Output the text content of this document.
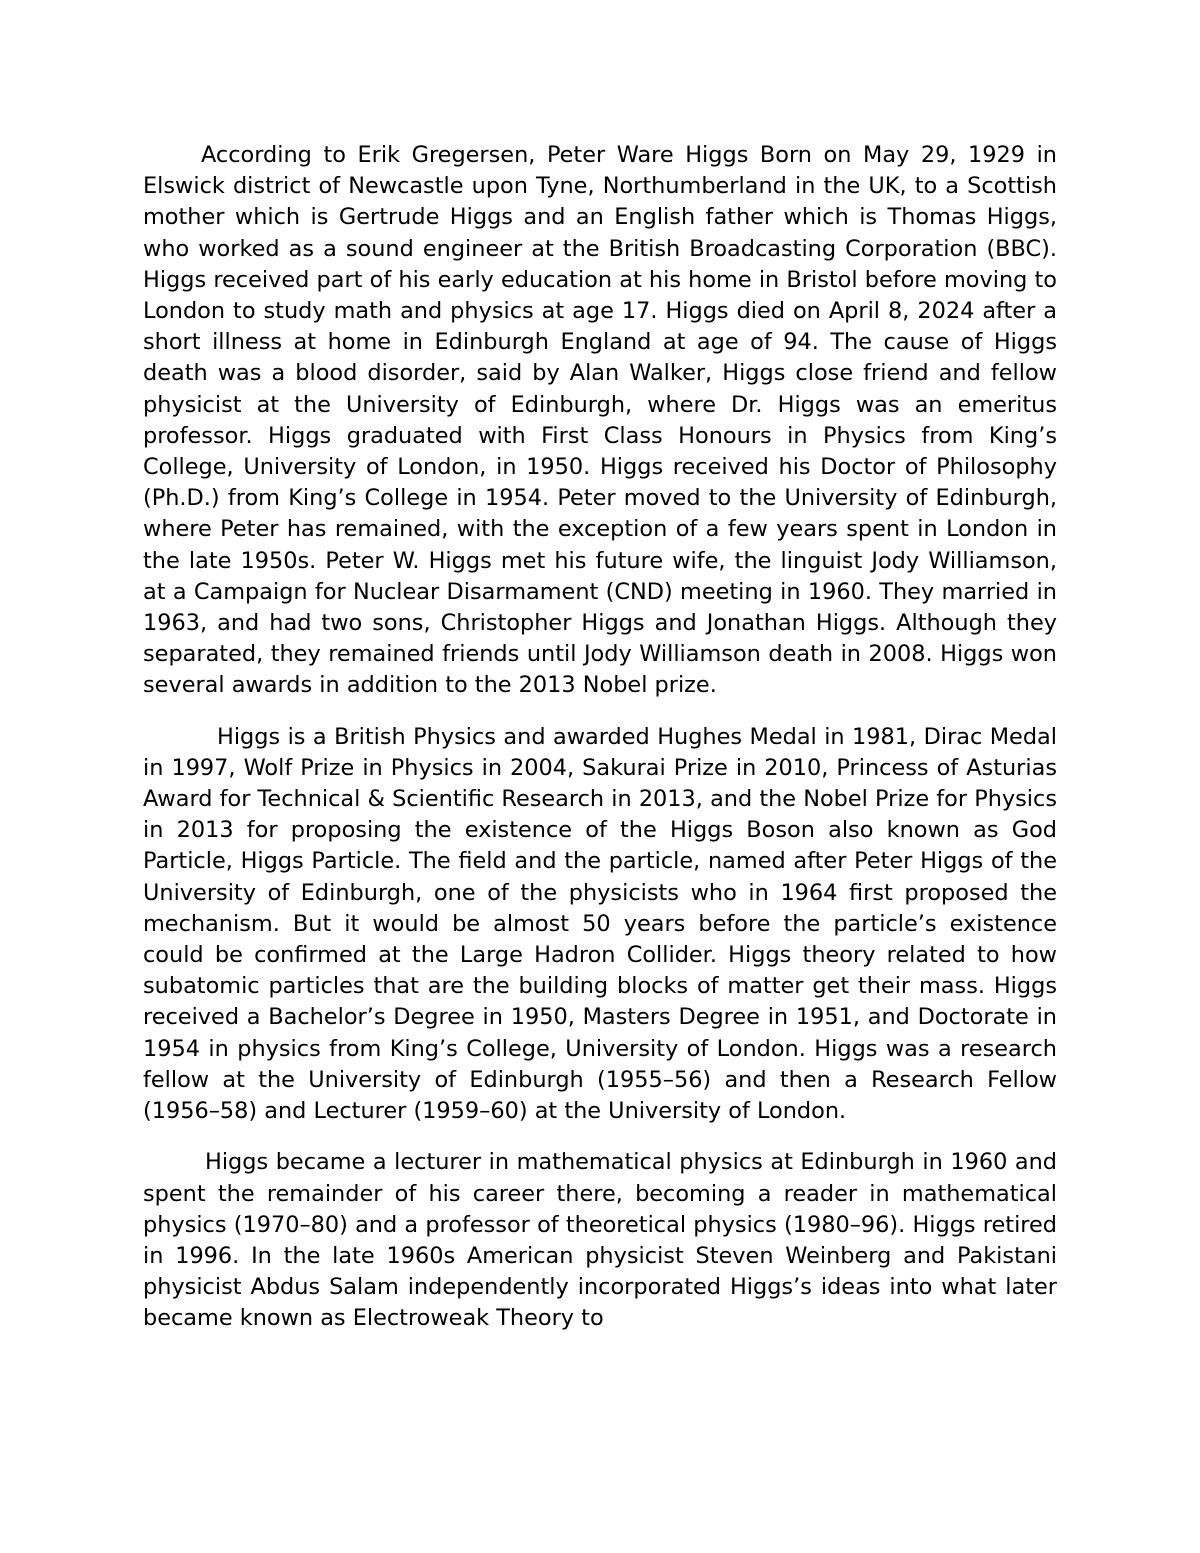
According to Erik Gregersen, Peter Ware Higgs Born on May 29, 1929 in Elswick district of Newcastle upon Tyne, Northumberland in the UK, to a Scottish mother which is Gertrude Higgs and an English father which is Thomas Higgs, who worked as a sound engineer at the British Broadcasting Corporation (BBC). Higgs received part of his early education at his home in Bristol before moving to London to study math and physics at age 17. Higgs died on April 8, 2024 after a short illness at home in Edinburgh England at age of 94. The cause of Higgs death was a blood disorder, said by Alan Walker, Higgs close friend and fellow physicist at the University of Edinburgh, where Dr. Higgs was an emeritus professor. Higgs graduated with First Class Honours in Physics from King’s College, University of London, in 1950. Higgs received his Doctor of Philosophy (Ph.D.) from King’s College in 1954. Peter moved to the University of Edinburgh, where Peter has remained, with the exception of a few years spent in London in the late 1950s. Peter W. Higgs met his future wife, the linguist Jody Williamson, at a Campaign for Nuclear Disarmament (CND) meeting in 1960. They married in 1963, and had two sons, Christopher Higgs and Jonathan Higgs. Although they separated, they remained friends until Jody Williamson death in 2008. Higgs won several awards in addition to the 2013 Nobel prize.

Higgs is a British Physics and awarded Hughes Medal in 1981, Dirac Medal in 1997, Wolf Prize in Physics in 2004, Sakurai Prize in 2010, Princess of Asturias Award for Technical & Scientific Research in 2013, and the Nobel Prize for Physics in 2013 for proposing the existence of the Higgs Boson also known as God Particle, Higgs Particle. The field and the particle, named after Peter Higgs of the University of Edinburgh, one of the physicists who in 1964 first proposed the mechanism. But it would be almost 50 years before the particle’s existence could be confirmed at the Large Hadron Collider. Higgs theory related to how subatomic particles that are the building blocks of matter get their mass. Higgs received a Bachelor’s Degree in 1950, Masters Degree in 1951, and Doctorate in 1954 in physics from King’s College, University of London. Higgs was a research fellow at the University of Edinburgh (1955–56) and then a Research Fellow (1956–58) and Lecturer (1959–60) at the University of London.

Higgs became a lecturer in mathematical physics at Edinburgh in 1960 and spent the remainder of his career there, becoming a reader in mathematical physics (1970–80) and a professor of theoretical physics (1980–96). Higgs retired in 1996. In the late 1960s American physicist Steven Weinberg and Pakistani physicist Abdus Salam independently incorporated Higgs’s ideas into what later became known as Electroweak Theory to
